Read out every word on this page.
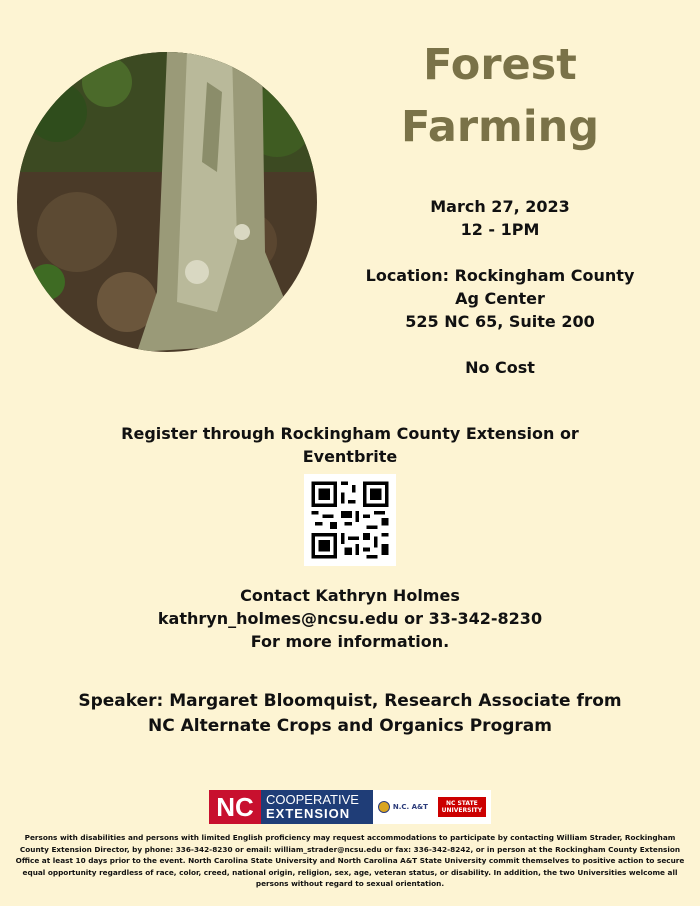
Forest
Farming
March 27, 2023
12 - 1PM
Location: Rockingham County
Ag Center
525 NC 65, Suite 200
No Cost
Register through Rockingham County Extension or
Eventbrite
Contact Kathryn Holmes
kathryn_holmes@ncsu.edu or 33-342-8230
For more information.
Speaker: Margaret Bloomquist, Research Associate from
NC Alternate Crops and Organics Program
NC COOPERATIVE
EXTENSION	N.C. A&T	NC STATE
UNIVERSITY
Persons with disabilities and persons with limited English proficiency may request accommodations to participate by contacting William Strader, Rockingham County Extension Director, by phone: 336-342-8230 or email: william_strader@ncsu.edu or fax: 336-342-8242, or in person at the Rockingham County Extension Office at least 10 days prior to the event. North Carolina State University and North Carolina A&T State University commit themselves to positive action to secure equal opportunity regardless of race, color, creed, national origin, religion, sex, age, veteran status, or disability. In addition, the two Universities welcome all persons without regard to sexual orientation.
